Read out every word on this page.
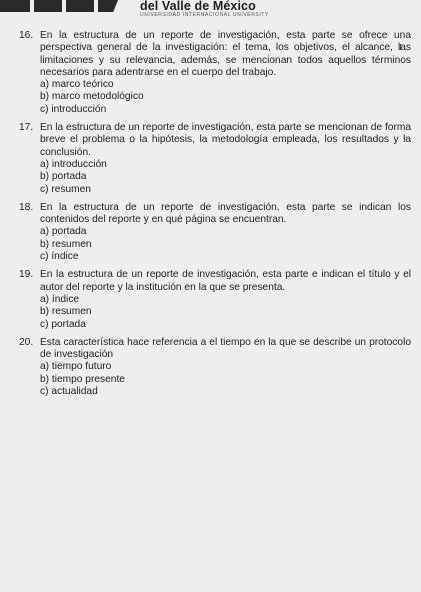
del Valle de México
UNIVERSIDAD INTERNACIONAL UNIVERSITY
16. En la estructura de un reporte de investigación, esta parte se ofrece una perspectiva general de la investigación: el tema, los objetivos, el alcance, las limitaciones y su relevancia, además, se mencionan todos aquellos términos necesarios para adentrarse en el cuerpo del trabajo.
a) marco teórico
b) marco metodológico
c) introducción
17. En la estructura de un reporte de investigación, esta parte se mencionan de forma breve el problema o la hipótesis, la metodología empleada, los resultados y la conclusión.
a) introducción
b) portada
c) resumen
18. En la estructura de un reporte de investigación, esta parte se indican los contenidos del reporte y en qué página se encuentran.
a) portada
b) resumen
c) índice
19. En la estructura de un reporte de investigación, esta parte e indican el título y el autor del reporte y la institución en la que se presenta.
a) índice
b) resumen
c) portada
20. Esta característica hace referencia a el tiempo en la que se describe un protocolo de investigación
a) tiempo futuro
b) tiempo presente
c) actualidad
